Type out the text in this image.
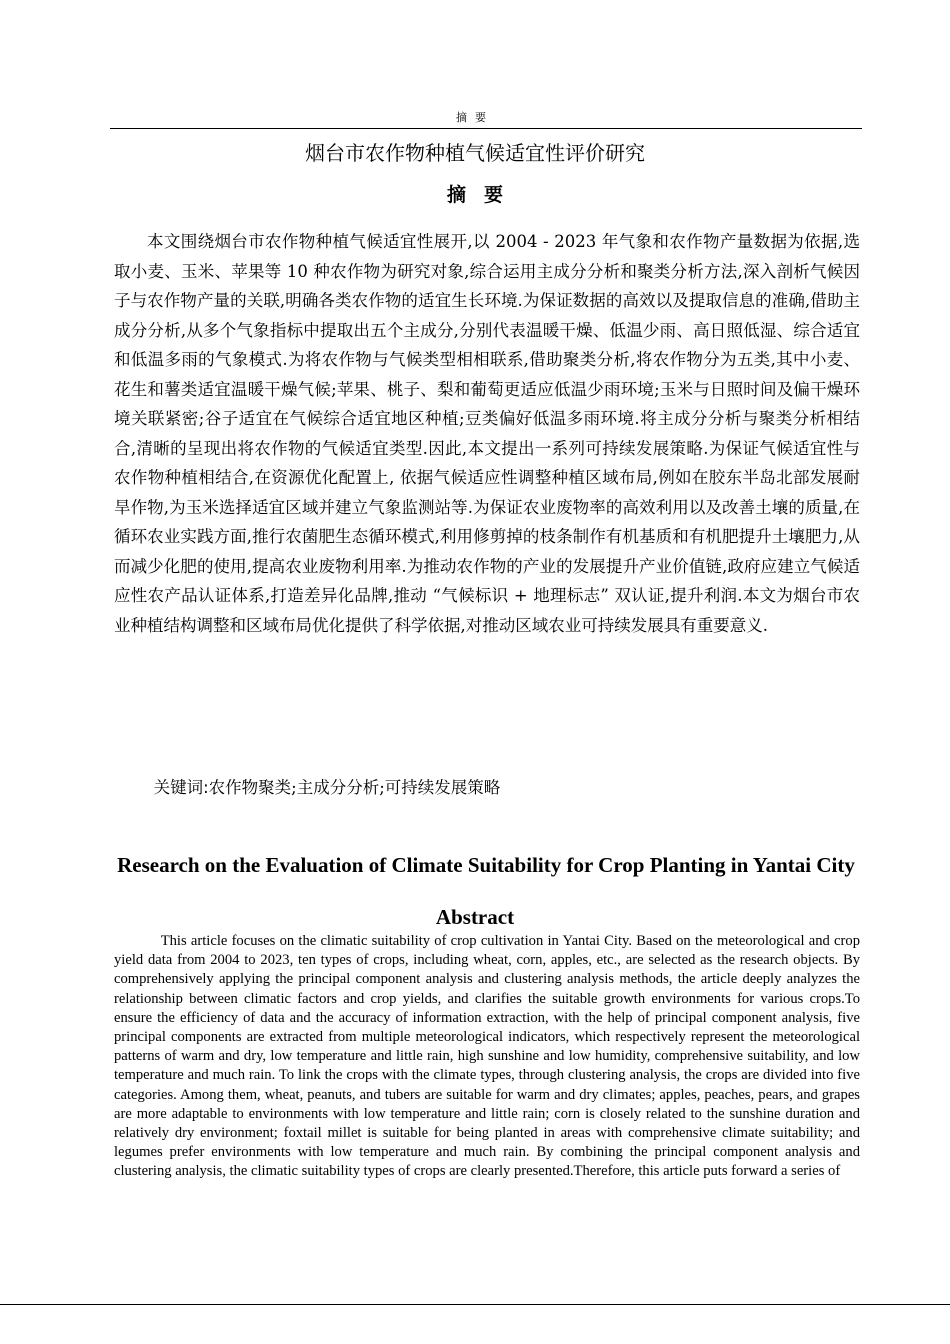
摘要
烟台市农作物种植气候适宜性评价研究
摘要

本文围绕烟台市农作物种植气候适宜性展开,以 2004 - 2023 年气象和农作物产量数据为依据,选取小麦、玉米、苹果等 10 种农作物为研究对象,综合运用主成分分析和聚类分析方法,深入剖析气候因子与农作物产量的关联,明确各类农作物的适宜生长环境.为保证数据的高效以及提取信息的准确,借助主成分分析,从多个气象指标中提取出五个主成分,分别代表温暖干燥、低温少雨、高日照低湿、综合适宜和低温多雨的气象模式.为将农作物与气候类型相相联系,借助聚类分析,将农作物分为五类,其中小麦、花生和薯类适宜温暖干燥气候;苹果、桃子、梨和葡萄更适应低温少雨环境;玉米与日照时间及偏干燥环境关联紧密;谷子适宜在气候综合适宜地区种植;豆类偏好低温多雨环境.将主成分分析与聚类分析相结合,清晰的呈现出将农作物的气候适宜类型.因此,本文提出一系列可持续发展策略.为保证气候适宜性与农作物种植相结合,在资源优化配置上, 依据气候适应性调整种植区域布局,例如在胶东半岛北部发展耐旱作物,为玉米选择适宜区域并建立气象监测站等.为保证农业废物率的高效利用以及改善土壤的质量,在循环农业实践方面,推行农菌肥生态循环模式,利用修剪掉的枝条制作有机基质和有机肥提升土壤肥力,从而减少化肥的使用,提高农业废物利用率.为推动农作物的产业的发展提升产业价值链,政府应建立气候适应性农产品认证体系,打造差异化品牌,推动 “气候标识 + 地理标志” 双认证,提升利润.本文为烟台市农业种植结构调整和区域布局优化提供了科学依据,对推动区域农业可持续发展具有重要意义.

关键词:农作物聚类;主成分分析;可持续发展策略

Research on the Evaluation of Climate Suitability for Crop Planting in Yantai City
Abstract

This article focuses on the climatic suitability of crop cultivation in Yantai City. Based on the meteorological and crop yield data from 2004 to 2023, ten types of crops, including wheat, corn, apples, etc., are selected as the research objects. By comprehensively applying the principal component analysis and clustering analysis methods, the article deeply analyzes the relationship between climatic factors and crop yields, and clarifies the suitable growth environments for various crops.To ensure the efficiency of data and the accuracy of information extraction, with the help of principal component analysis, five principal components are extracted from multiple meteorological indicators, which respectively represent the meteorological patterns of warm and dry, low temperature and little rain, high sunshine and low humidity, comprehensive suitability, and low temperature and much rain. To link the crops with the climate types, through clustering analysis, the crops are divided into five categories. Among them, wheat, peanuts, and tubers are suitable for warm and dry climates; apples, peaches, pears, and grapes are more adaptable to environments with low temperature and little rain; corn is closely related to the sunshine duration and relatively dry environment; foxtail millet is suitable for being planted in areas with comprehensive climate suitability; and legumes prefer environments with low temperature and much rain. By combining the principal component analysis and clustering analysis, the climatic suitability types of crops are clearly presented.Therefore, this article puts forward a series of
